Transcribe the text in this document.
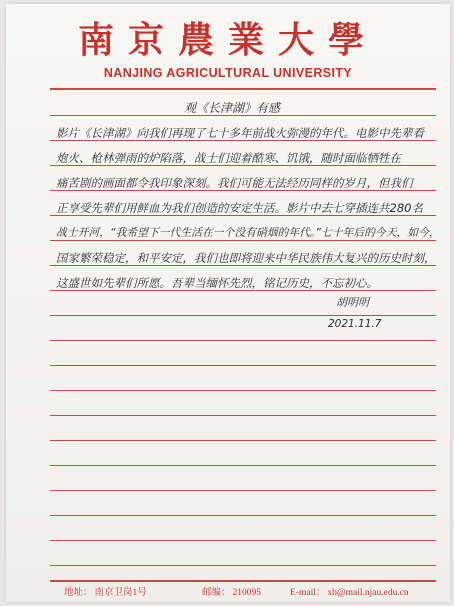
南京農業大學
NANJING AGRICULTURAL UNIVERSITY
观《长津湖》有感
影片《长津湖》向我们再现了七十多年前战火弥漫的年代。电影中先辈看
炮火、枪林弹雨的炉陷落，战士们迎着酷寒、饥饿，随时面临牺牲在
痛苦剧的画面都令我印象深刻。我们可能无法经历同样的岁月，但我们
正享受先辈们用鲜血为我们创造的安定生活。影片中去七穿插连共280名
战士开河，“我希望下一代生活在一个没有硝烟的年代。”七十年后的今天，如今，
国家繁荣稳定，和平安定，我们也即将迎来中华民族伟大复兴的历史时刻，
这盛世如先辈们所愿。吾辈当缅怀先烈，铭记历史，不忘初心。
胡明明
2021.11.7
地址： 南京卫岗1号	邮编： 210095	E-mail： xb@mail.njau.edu.cn
